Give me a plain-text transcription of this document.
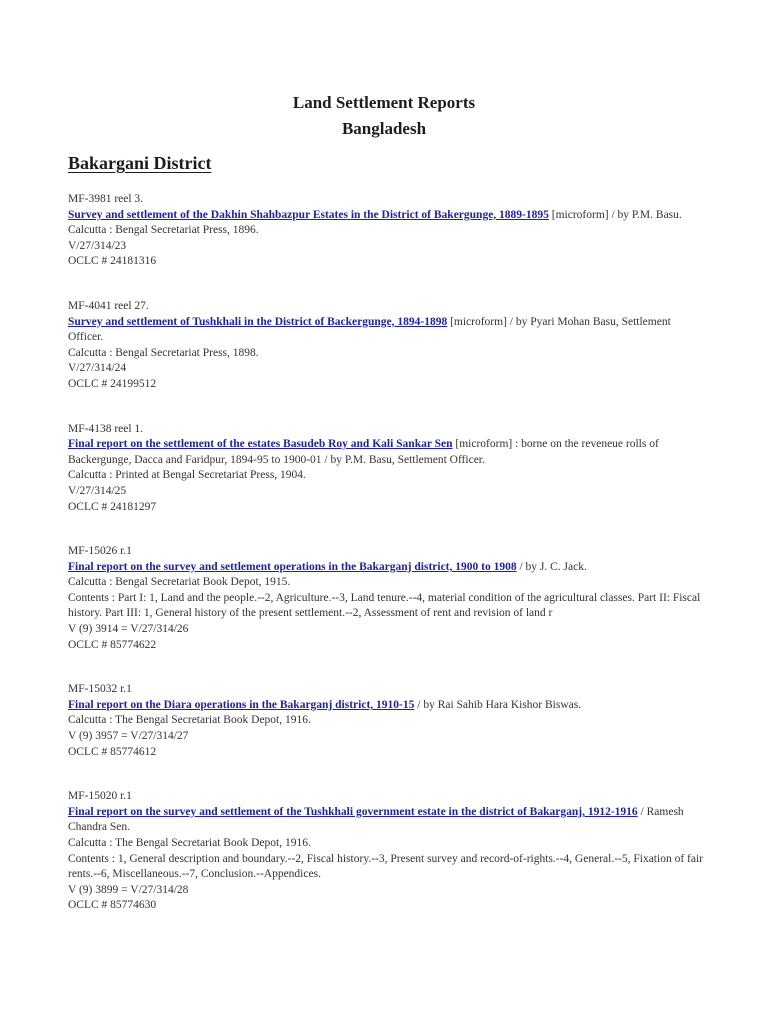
Land Settlement Reports

Bangladesh

Bakargani District

MF-3981 reel 3.
Survey and settlement of the Dakhin Shahbazpur Estates in the District of Bakergunge, 1889-1895 [microform] / by P.M. Basu.
Calcutta : Bengal Secretariat Press, 1896.
V/27/314/23
OCLC # 24181316
MF-4041 reel 27.
Survey and settlement of Tushkhali in the District of Backergunge, 1894-1898 [microform] / by Pyari Mohan Basu, Settlement Officer.
Calcutta : Bengal Secretariat Press, 1898.
V/27/314/24
OCLC # 24199512
MF-4138 reel 1.
Final report on the settlement of the estates Basudeb Roy and Kali Sankar Sen [microform] : borne on the reveneue rolls of Backergunge, Dacca and Faridpur, 1894-95 to 1900-01 / by P.M. Basu, Settlement Officer.
Calcutta : Printed at Bengal Secretariat Press, 1904.
V/27/314/25
OCLC # 24181297
MF-15026 r.1
Final report on the survey and settlement operations in the Bakarganj district, 1900 to 1908 / by J. C. Jack.
Calcutta : Bengal Secretariat Book Depot, 1915.
Contents : Part I: 1, Land and the people.--2, Agriculture.--3, Land tenure.--4, material condition of the agricultural classes. Part II: Fiscal history. Part III: 1, General history of the present settlement.--2, Assessment of rent and revision of land r
V (9) 3914 = V/27/314/26
OCLC # 85774622
MF-15032 r.1
Final report on the Diara operations in the Bakarganj district, 1910-15 / by Rai Sahib Hara Kishor Biswas.
Calcutta : The Bengal Secretariat Book Depot, 1916.
V (9) 3957 = V/27/314/27
OCLC # 85774612
MF-15020 r.1
Final report on the survey and settlement of the Tushkhali government estate in the district of Bakarganj, 1912-1916 / Ramesh Chandra Sen.
Calcutta : The Bengal Secretariat Book Depot, 1916.
Contents : 1, General description and boundary.--2, Fiscal history.--3, Present survey and record-of-rights.--4, General.--5, Fixation of fair rents.--6, Miscellaneous.--7, Conclusion.--Appendices.
V (9) 3899 = V/27/314/28
OCLC # 85774630
